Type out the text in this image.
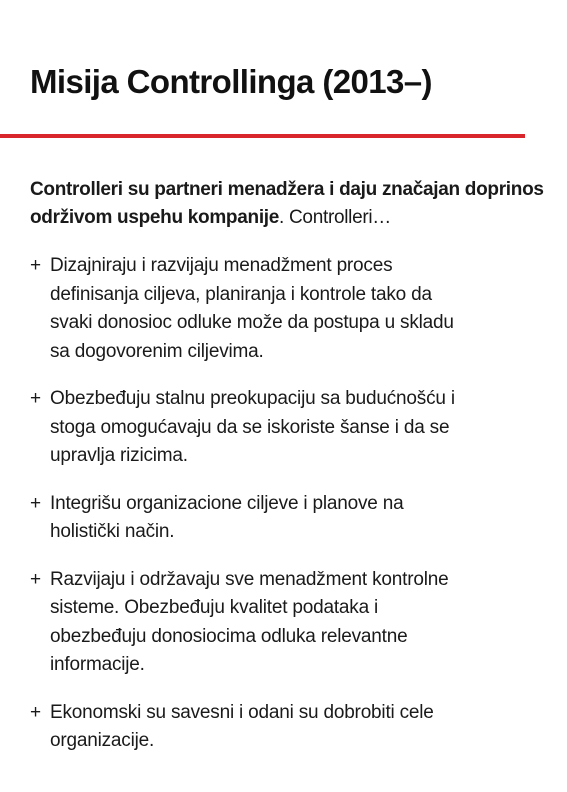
Misija Controllinga (2013–)

Controlleri su partneri menadžera i daju značajan doprinos održivom uspehu kompanije. Controlleri…

+ Dizajniraju i razvijaju menadžment proces
definisanja ciljeva, planiranja i kontrole tako da
svaki donosioc odluke može da postupa u skladu
sa dogovorenim ciljevima.
+ Obezbeđuju stalnu preokupaciju sa budućnošću i
stoga omogućavaju da se iskoriste šanse i da se
upravlja rizicima.
+ Integrišu organizacione ciljeve i planove na
holistički način.
+ Razvijaju i održavaju sve menadžment kontrolne
sisteme. Obezbeđuju kvalitet podataka i
obezbeđuju donosiocima odluka relevantne
informacije.
+ Ekonomski su savesni i odani su dobrobiti cele
organizacije.
